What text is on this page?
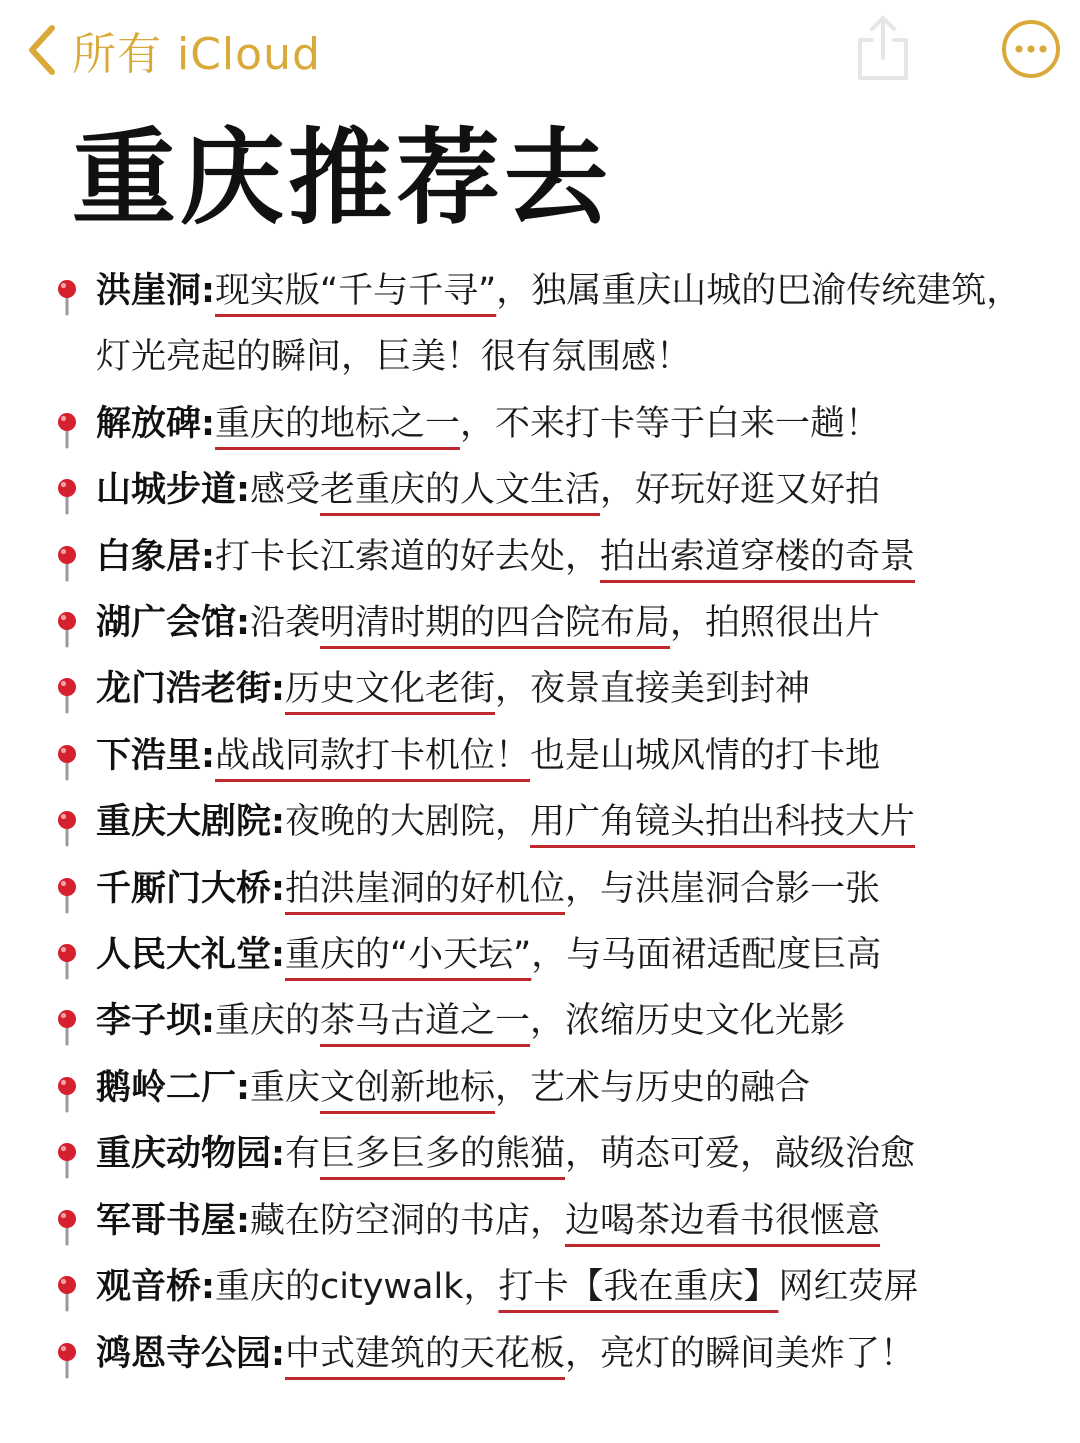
所有 iCloud
重庆推荐去
洪崖洞:现实版“千与千寻”，独属重庆山城的巴渝传统建筑，灯光亮起的瞬间，巨美！很有氛围感！
解放碑:重庆的地标之一，不来打卡等于白来一趟！
山城步道:感受老重庆的人文生活，好玩好逛又好拍
白象居:打卡长江索道的好去处，拍出索道穿楼的奇景
湖广会馆:沿袭明清时期的四合院布局，拍照很出片
龙门浩老街:历史文化老街，夜景直接美到封神
下浩里:战战同款打卡机位！也是山城风情的打卡地
重庆大剧院:夜晚的大剧院，用广角镜头拍出科技大片
千厮门大桥:拍洪崖洞的好机位，与洪崖洞合影一张
人民大礼堂:重庆的“小天坛”，与马面裙适配度巨高
李子坝:重庆的茶马古道之一，浓缩历史文化光影
鹅岭二厂:重庆文创新地标，艺术与历史的融合
重庆动物园:有巨多巨多的熊猫，萌态可爱，敲级治愈
军哥书屋:藏在防空洞的书店，边喝茶边看书很惬意
观音桥:重庆的citywalk，打卡【我在重庆】网红荧屏
鸿恩寺公园:中式建筑的天花板，亮灯的瞬间美炸了！
